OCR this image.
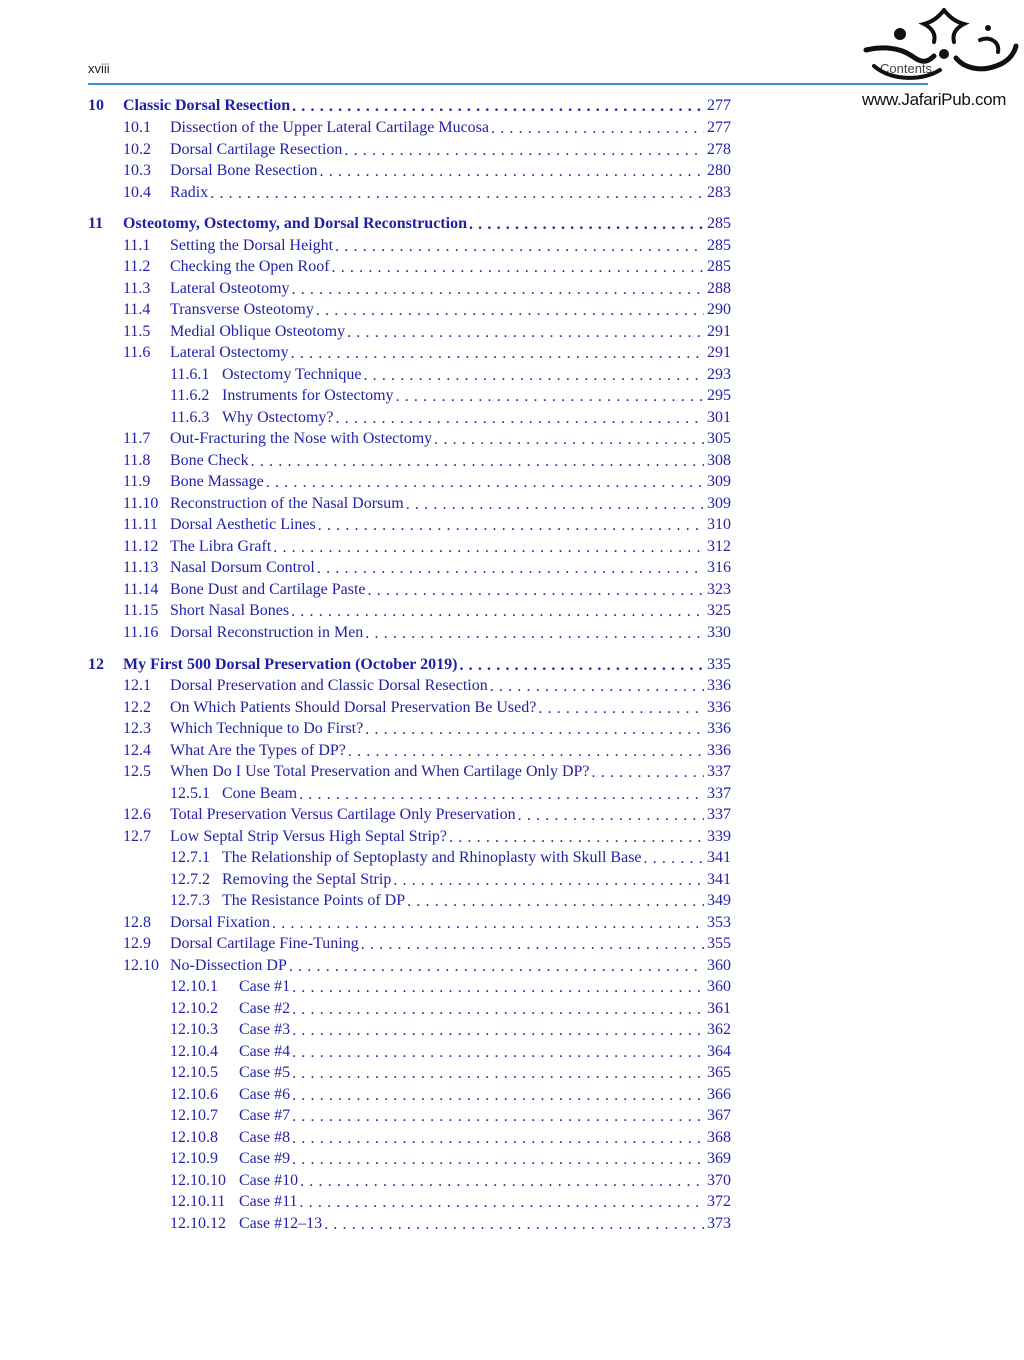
xviii	Contents
www.JafariPub.com
10 Classic Dorsal Resection . . .	277
10.1 Dissection of the Upper Lateral Cartilage Mucosa . . .	277
10.2 Dorsal Cartilage Resection . . .	278
10.3 Dorsal Bone Resection . . .	280
10.4 Radix . . .	283
11 Osteotomy, Ostectomy, and Dorsal Reconstruction . . .	285
11.1 Setting the Dorsal Height . . .	285
11.2 Checking the Open Roof . . .	285
11.3 Lateral Osteotomy . . .	288
11.4 Transverse Osteotomy . . .	290
11.5 Medial Oblique Osteotomy . . .	291
11.6 Lateral Ostectomy . . .	291
11.6.1 Ostectomy Technique . . .	293
11.6.2 Instruments for Ostectomy . . .	295
11.6.3 Why Ostectomy? . . .	301
11.7 Out-Fracturing the Nose with Ostectomy . . .	305
11.8 Bone Check . . .	308
11.9 Bone Massage . . .	309
11.10 Reconstruction of the Nasal Dorsum . . .	309
11.11 Dorsal Aesthetic Lines . . .	310
11.12 The Libra Graft . . .	312
11.13 Nasal Dorsum Control . . .	316
11.14 Bone Dust and Cartilage Paste . . .	323
11.15 Short Nasal Bones . . .	325
11.16 Dorsal Reconstruction in Men . . .	330
12 My First 500 Dorsal Preservation (October 2019) . . .	335
12.1 Dorsal Preservation and Classic Dorsal Resection . . .	336
12.2 On Which Patients Should Dorsal Preservation Be Used? . . .	336
12.3 Which Technique to Do First? . . .	336
12.4 What Are the Types of DP? . . .	336
12.5 When Do I Use Total Preservation and When Cartilage Only DP? . . .	337
12.5.1 Cone Beam . . .	337
12.6 Total Preservation Versus Cartilage Only Preservation . . .	337
12.7 Low Septal Strip Versus High Septal Strip? . . .	339
12.7.1 The Relationship of Septoplasty and Rhinoplasty with Skull Base . . .	341
12.7.2 Removing the Septal Strip . . .	341
12.7.3 The Resistance Points of DP . . .	349
12.8 Dorsal Fixation . . .	353
12.9 Dorsal Cartilage Fine-Tuning . . .	355
12.10 No-Dissection DP . . .	360
12.10.1 Case #1 . . .	360
12.10.2 Case #2 . . .	361
12.10.3 Case #3 . . .	362
12.10.4 Case #4 . . .	364
12.10.5 Case #5 . . .	365
12.10.6 Case #6 . . .	366
12.10.7 Case #7 . . .	367
12.10.8 Case #8 . . .	368
12.10.9 Case #9 . . .	369
12.10.10 Case #10 . . .	370
12.10.11 Case #11 . . .	372
12.10.12 Case #12–13 . . .	373
